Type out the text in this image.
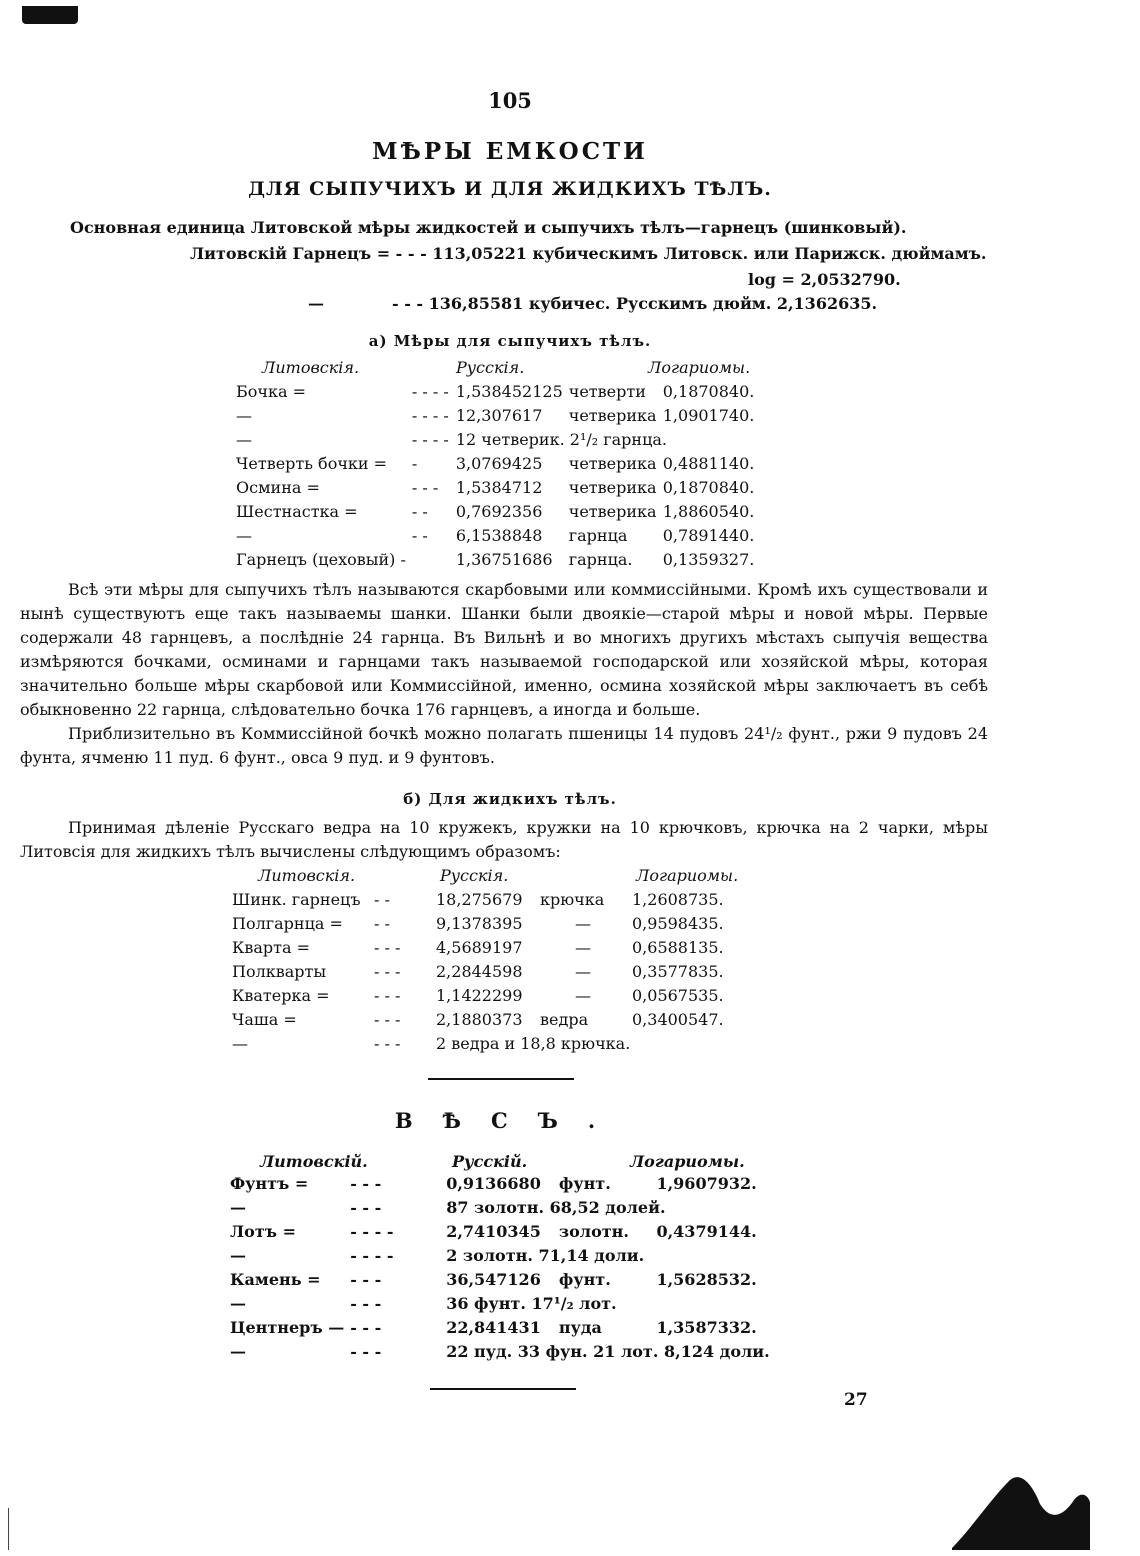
105
МѢРЫ ЕМКОСТИ
ДЛЯ СЫПУЧИХЪ И ДЛЯ ЖИДКИХЪ ТѢЛЪ.
Основная единица Литовской мѣры жидкостей и сыпучихъ тѣлъ—гарнецъ (шинковый).
Литовскій Гарнецъ = - - - 113,05221 кубическимъ Литовск. или Парижск. дюймамъ.
log = 2,0532790.
—	- - - 136,85581 кубичес. Русскимъ дюйм. 2,1362635.
а) Мѣры для сыпучихъ тѣлъ.
Литовскія.	Русскія.	Логариомы.
Бочка =	- - - -	1,538452125	четверти	0,1870840.
—	- - - -	12,307617	четверика	1,0901740.
—	- - - -	12 четверик. 2¹/₂ гарнца.		
Четверть бочки =	-	3,0769425	четверика	0,4881140.
Осмина =	- - -	1,5384712	четверика	0,1870840.
Шестнастка =	- -	0,7692356	четверика	1,8860540.
—	- -	6,1538848	гарнца	0,7891440.
Гарнецъ (цеховый) -		1,36751686	гарнца.	0,1359327.

Всѣ эти мѣры для сыпучихъ тѣлъ называются скарбовыми или коммиссійными. Кромѣ ихъ существовали и нынѣ существуютъ еще такъ называемы шанки. Шанки были двоякіе—старой мѣры и новой мѣры. Первые содержали 48 гарнцевъ, а послѣдніе 24 гарнца. Въ Вильнѣ и во многихъ другихъ мѣстахъ сыпучія вещества измѣряются бочками, осминами и гарнцами такъ называемой господарской или хозяйской мѣры, которая значительно больше мѣры скарбовой или Коммиссійной, именно, осмина хозяйской мѣры заключаетъ въ себѣ обыкновенно 22 гарнца, слѣдовательно бочка 176 гарнцевъ, а иногда и больше.

Приблизительно въ Коммиссійной бочкѣ можно полагать пшеницы 14 пудовъ 24¹/₂ фунт., ржи 9 пудовъ 24 фунта, ячменю 11 пуд. 6 фунт., овса 9 пуд. и 9 фунтовъ.

б) Для жидкихъ тѣлъ.

Принимая дѣленіе Русскаго ведра на 10 кружекъ, кружки на 10 крючковъ, крючка на 2 чарки, мѣры Литовсія для жидкихъ тѣлъ вычислены слѣдующимъ образомъ:

Литовскія.	Русскія.	Логариомы.
Шинк. гарнецъ	- -	18,275679	крючка	1,2608735.
Полгарнца =	- -	9,1378395	—	0,9598435.
Кварта =	- - -	4,5689197	—	0,6588135.
Полкварты	- - -	2,2844598	—	0,3577835.
Кватерка =	- - -	1,1422299	—	0,0567535.
Чаша =	- - -	2,1880373	ведра	0,3400547.
—	- - -	2 ведра и 18,8 крючка.		
ВѢСЪ.
Литовскій.	Русскій.	Логариомы.
Фунтъ =	- - -	0,9136680	фунт.	1,9607932.
—	- - -	87 золотн. 68,52 долей.		
Лотъ =	- - - -	2,7410345	золотн.	0,4379144.
—	- - - -	2 золотн. 71,14 доли.		
Камень =	- - -	36,547126	фунт.	1,5628532.
—	- - -	36 фунт. 17¹/₂ лот.		
Центнеръ —	- - -	22,841431	пуда	1,3587332.
—	- - -	22 пуд. 33 фун. 21 лот. 8,124 доли.		
27
